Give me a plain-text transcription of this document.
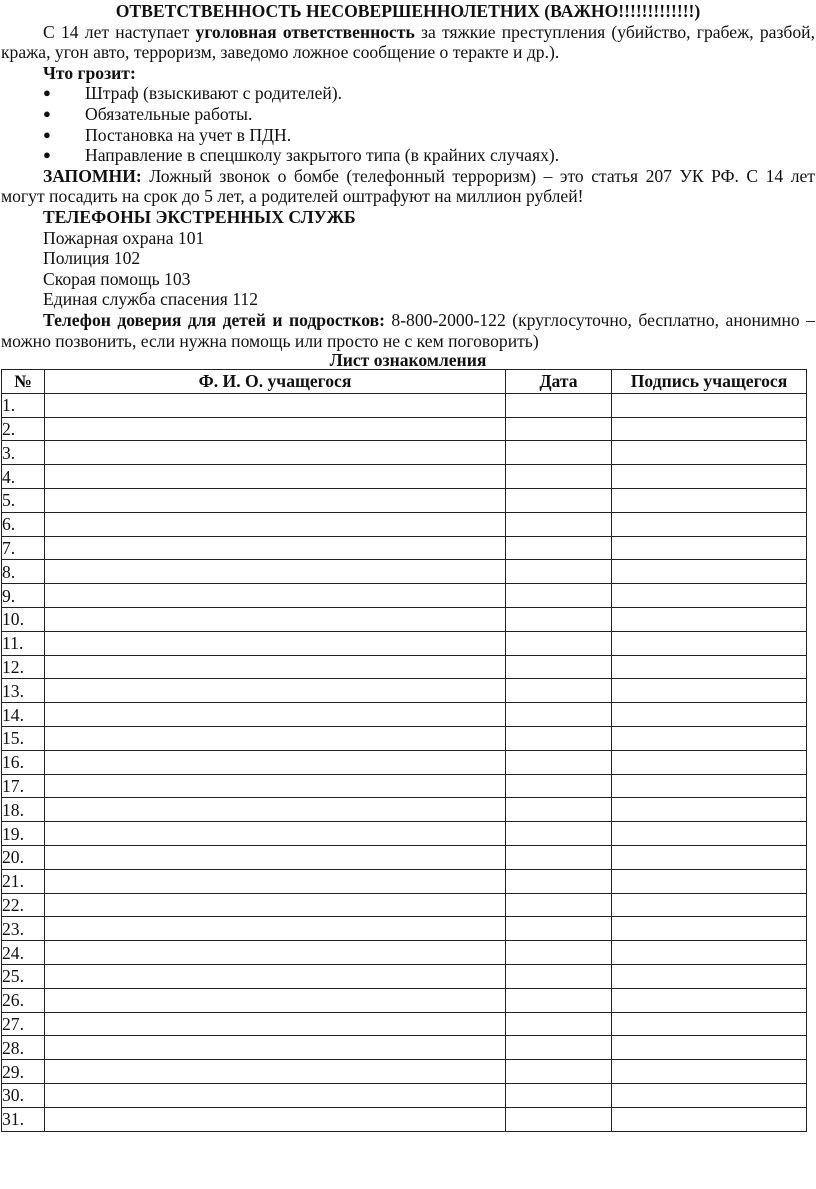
ОТВЕТСТВЕННОСТЬ НЕСОВЕРШЕННОЛЕТНИХ (ВАЖНО!!!!!!!!!!!!!)

С 14 лет наступает уголовная ответственность за тяжкие преступления (убийство, грабеж, разбой, кража, угон авто, терроризм, заведомо ложное сообщение о теракте и др.).

Что грозит:

● Штраф (взыскивают с родителей).
● Обязательные работы.
● Постановка на учет в ПДН.
● Направление в спецшколу закрытого типа (в крайних случаях).

ЗАПОМНИ: Ложный звонок о бомбе (телефонный терроризм) – это статья 207 УК РФ. С 14 лет могут посадить на срок до 5 лет, а родителей оштрафуют на миллион рублей!

ТЕЛЕФОНЫ ЭКСТРЕННЫХ СЛУЖБ

Пожарная охрана 101

Полиция 102

Скорая помощь 103

Единая служба спасения 112

Телефон доверия для детей и подростков: 8-800-2000-122 (круглосуточно, бесплатно, анонимно – можно позвонить, если нужна помощь или просто не с кем поговорить)

Лист ознакомления

№	Ф. И. О. учащегося	Дата	Подпись учащегося
1.			
2.			
3.			
4.			
5.			
6.			
7.			
8.			
9.			
10.			
11.			
12.			
13.			
14.			
15.			
16.			
17.			
18.			
19.			
20.			
21.			
22.			
23.			
24.			
25.			
26.			
27.			
28.			
29.			
30.			
31.			
